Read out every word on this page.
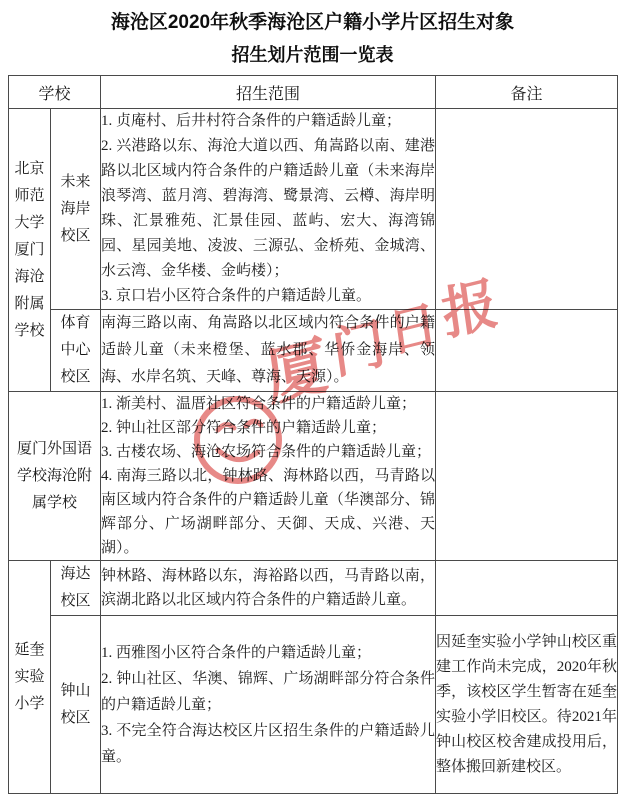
海沧区2020年秋季海沧区户籍小学片区招生对象
招生划片范围一览表
学校		招生范围	备注

北京师范大学厦门海沧附属学校	未来海岸校区	1. 贞庵村、后井村符合条件的户籍适龄儿童；

2. 兴港路以东、海沧大道以西、角嵩路以南、建港路以北区域内符合条件的户籍适龄儿童（未来海岸浪琴湾、蓝月湾、碧海湾、鹭景湾、云樽、海岸明珠、汇景雅苑、汇景佳园、蓝屿、宏大、海湾锦园、星园美地、凌波、三源弘、金桥苑、金城湾、水云湾、金华楼、金屿楼）；

3. 京口岩小区符合条件的户籍适龄儿童。	

	体育中心校区	南海三路以南、角嵩路以北区域内符合条件的户籍适龄儿童（未来橙堡、蓝水郡、华侨金海岸、领海、水岸名筑、天峰、尊海、天源）。	

厦门外国语学校海沧附属学校		1. 渐美村、温厝社区符合条件的户籍适龄儿童；

2. 钟山社区部分符合条件的户籍适龄儿童；

3. 古楼农场、海沧农场符合条件的户籍适龄儿童；

4. 南海三路以北，钟林路、海林路以西，马青路以南区域内符合条件的户籍适龄儿童（华澳部分、锦辉部分、广场湖畔部分、天御、天成、兴港、天湖）。	

延奎实验小学	海达校区	钟林路、海林路以东，海裕路以西，马青路以南，滨湖北路以北区域内符合条件的户籍适龄儿童。	

	钟山校区	1. 西雅图小区符合条件的户籍适龄儿童；

2. 钟山社区、华澳、锦辉、广场湖畔部分符合条件的户籍适龄儿童；

3. 不完全符合海达校区片区招生条件的户籍适龄儿童。	因延奎实验小学钟山校区重建工作尚未完成，2020年秋季，该校区学生暂寄在延奎实验小学旧校区。待2021年钟山校区校舍建成投用后，整体搬回新建校区。

厦
门
日
报
